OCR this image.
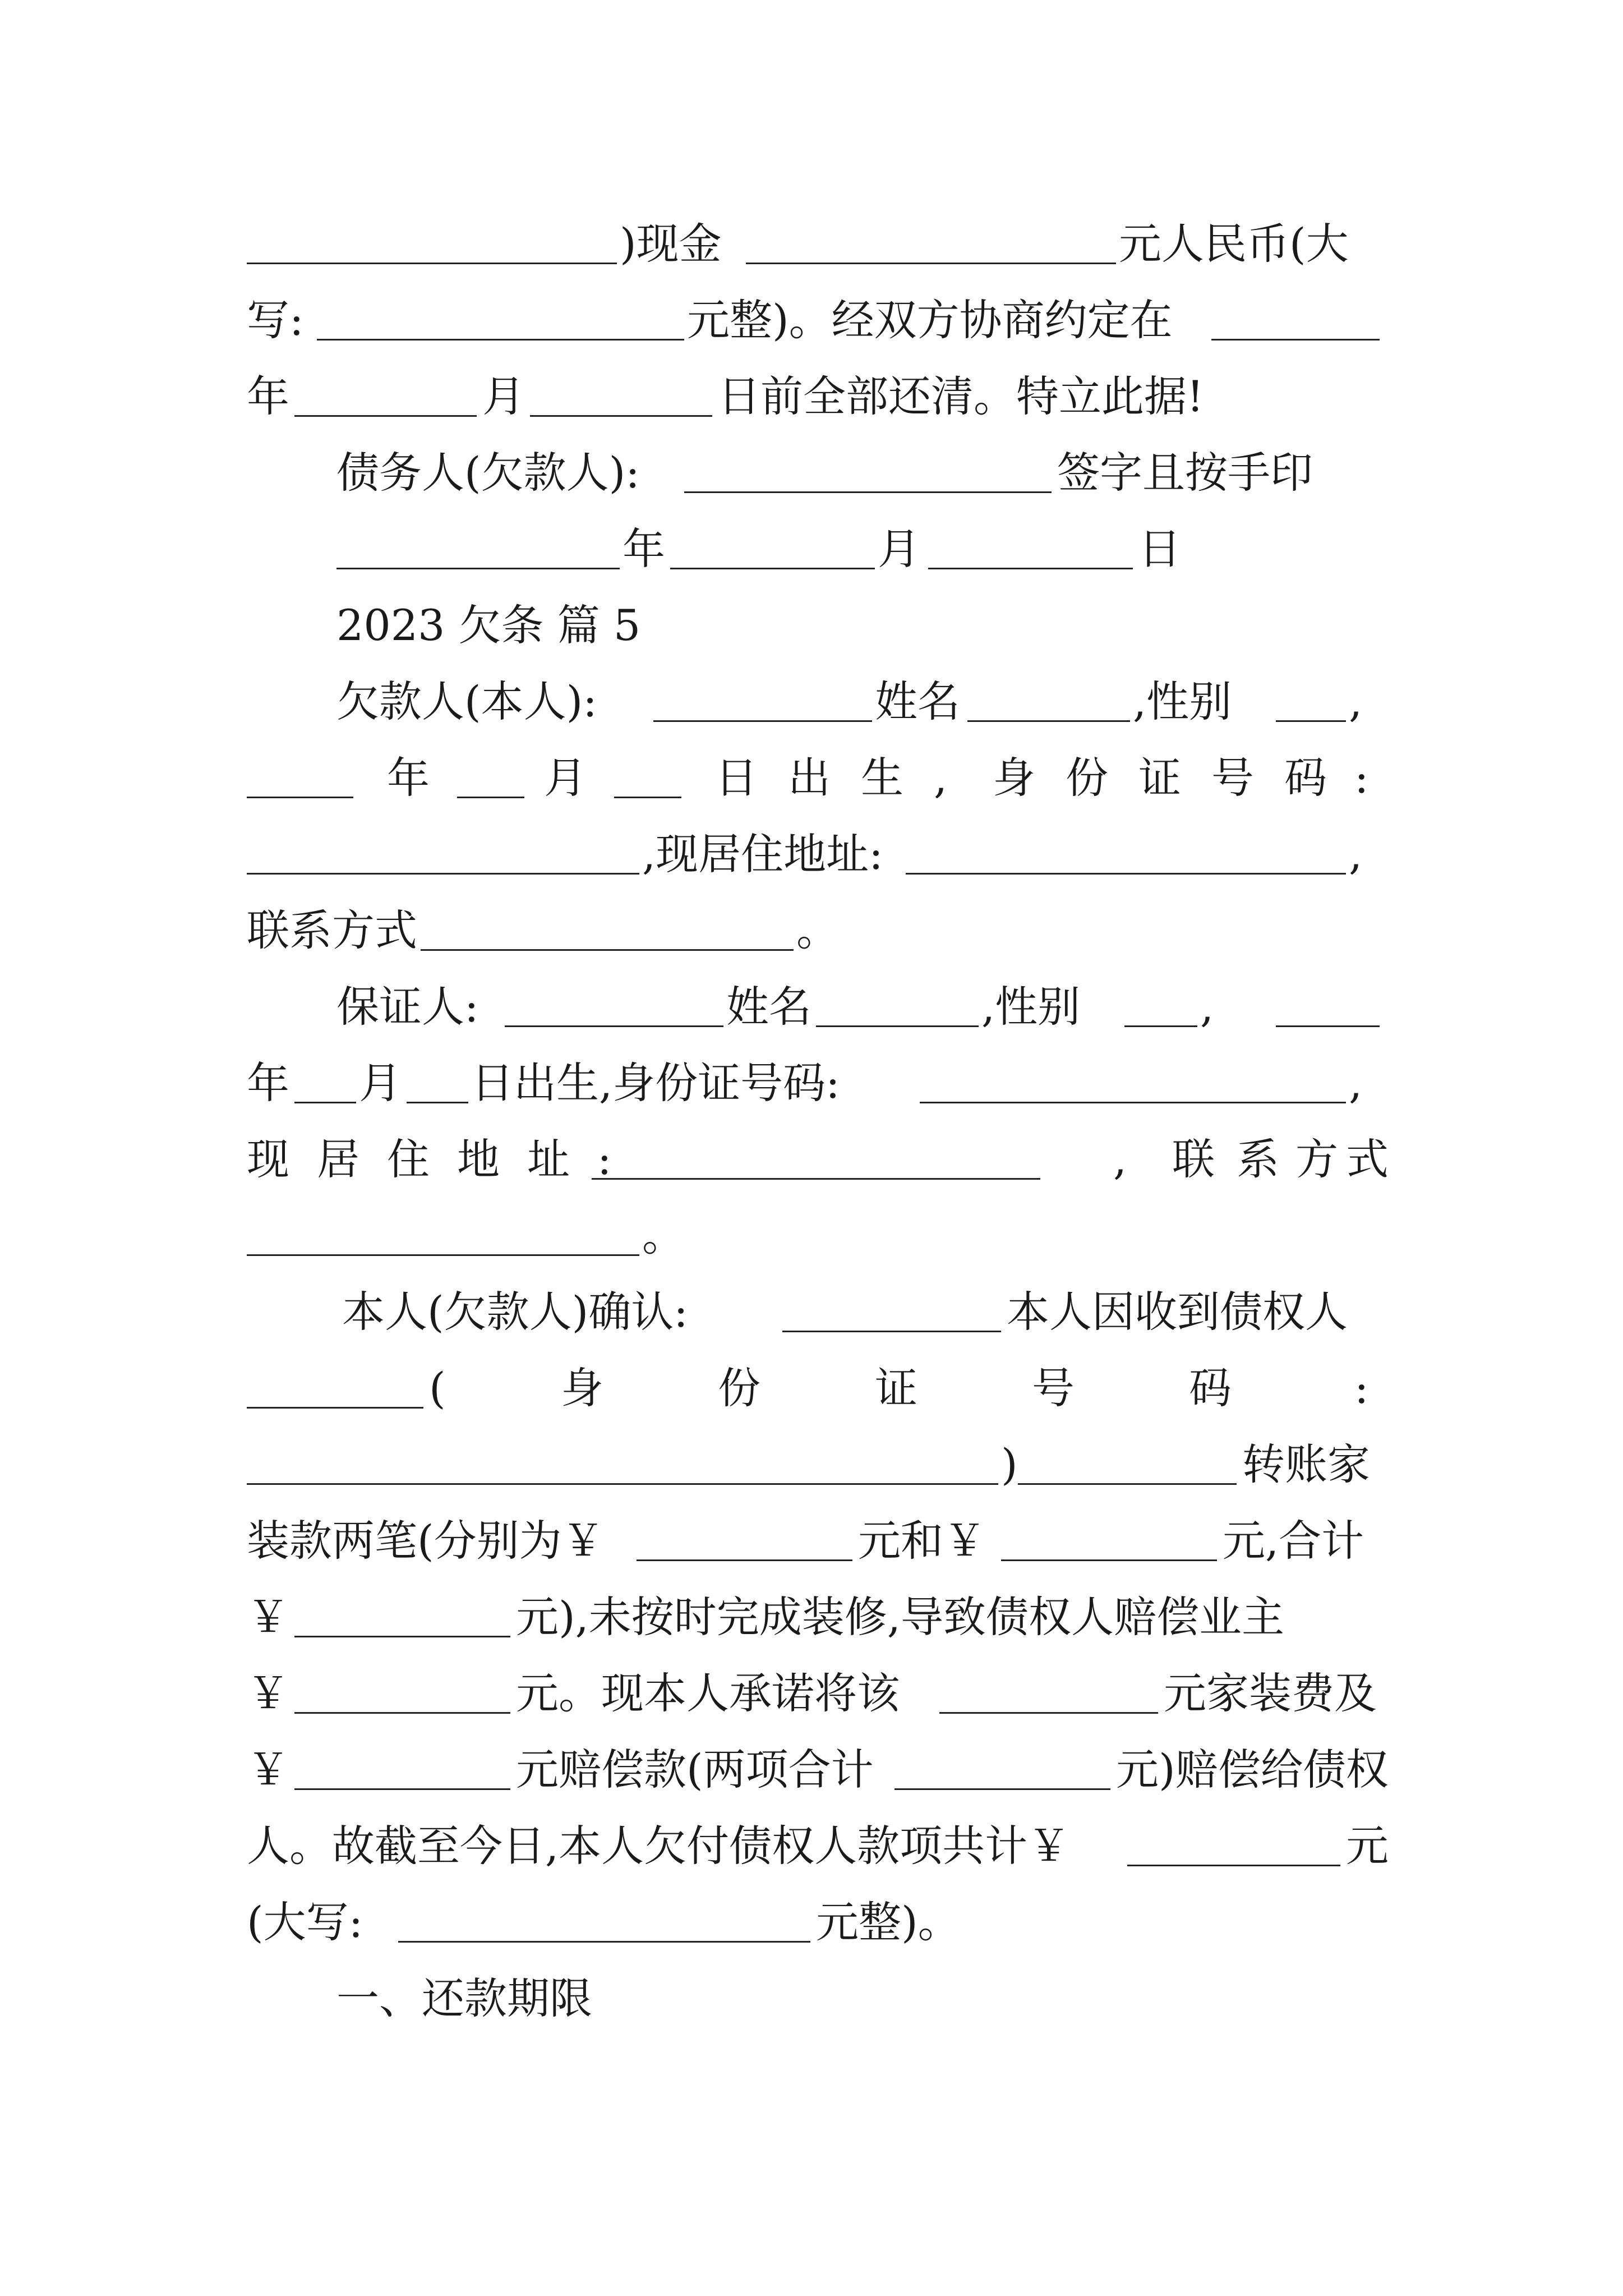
)现金	元人民币(大
写:	元整)。经双方协商约定在
年	月	日前全部还清。特立此据!
债务人(欠款人):	签字且按手印
年	月	日
2023 欠条 篇 5
欠款人(本人):	姓名	,性别	,
年	月	日 出 生 , 身 份 证 号 码 :
,现居住地址:	,
联系方式	。
保证人:	姓名	,性别	,
年 月 日出生,身份证号码:	,
现 居 住 地 址 :	, 联 系 方 式
。
本人(欠款人)确认:	本人因收到债权人
(	身	份	证	号	码	:
)	转账家
装款两笔(分别为￥	元和￥	元,合计
￥	元),未按时完成装修,导致债权人赔偿业主
￥	元。现本人承诺将该	元家装费及
￥	元赔偿款(两项合计	元)赔偿给债权
人。故截至今日,本人欠付债权人款项共计￥	元
(大写:	元整)。
一、还款期限
